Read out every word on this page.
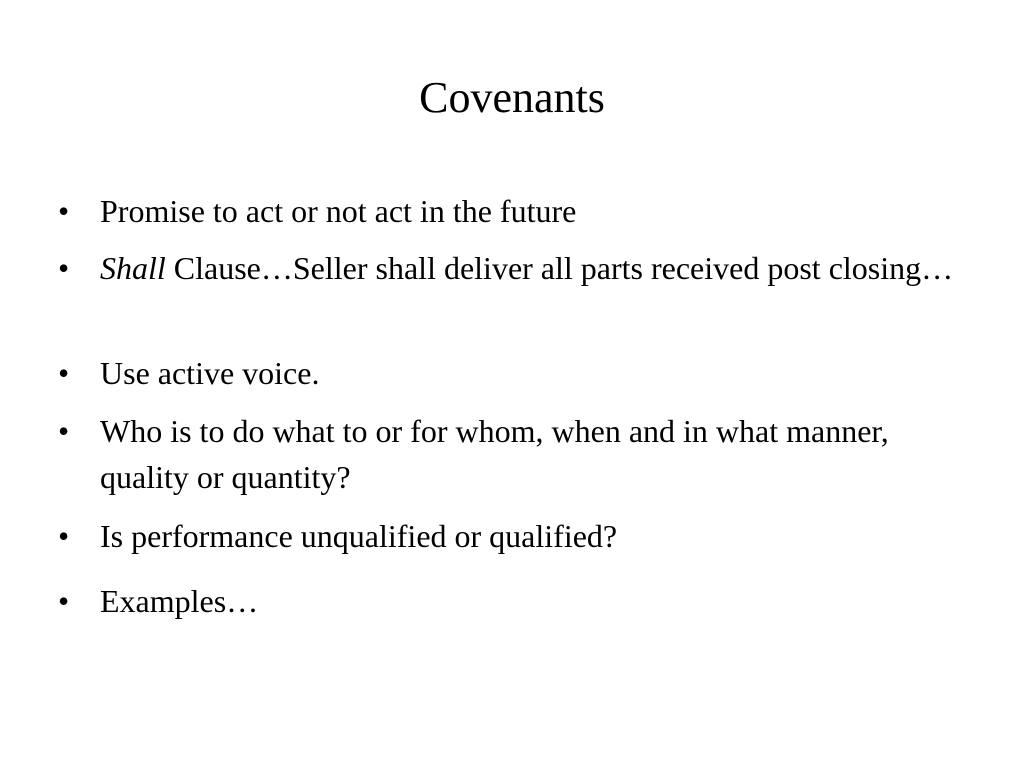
Covenants
• Promise to act or not act in the future
• Shall Clause…Seller shall deliver all parts received post closing…
• Use active voice.
• Who is to do what to or for whom, when and in what manner, quality or quantity?
• Is performance unqualified or qualified?
• Examples…
